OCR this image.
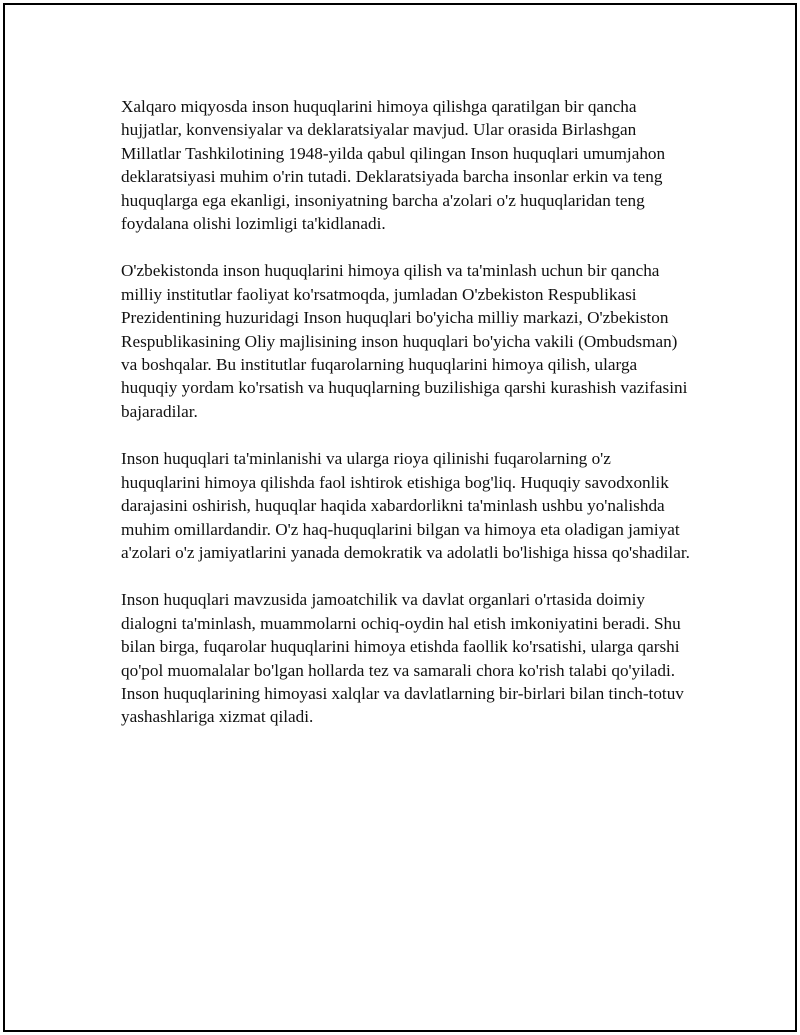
Xalqaro miqyosda inson huquqlarini himoya qilishga qaratilgan bir qancha hujjatlar, konvensiyalar va deklaratsiyalar mavjud. Ular orasida Birlashgan Millatlar Tashkilotining 1948-yilda qabul qilingan Inson huquqlari umumjahon deklaratsiyasi muhim o'rin tutadi. Deklaratsiyada barcha insonlar erkin va teng huquqlarga ega ekanligi, insoniyatning barcha a'zolari o'z huquqlaridan teng foydalana olishi lozimligi ta'kidlanadi.

O'zbekistonda inson huquqlarini himoya qilish va ta'minlash uchun bir qancha milliy institutlar faoliyat ko'rsatmoqda, jumladan O'zbekiston Respublikasi Prezidentining huzuridagi Inson huquqlari bo'yicha milliy markazi, O'zbekiston Respublikasining Oliy majlisining inson huquqlari bo'yicha vakili (Ombudsman) va boshqalar. Bu institutlar fuqarolarning huquqlarini himoya qilish, ularga huquqiy yordam ko'rsatish va huquqlarning buzilishiga qarshi kurashish vazifasini bajaradilar.

Inson huquqlari ta'minlanishi va ularga rioya qilinishi fuqarolarning o'z huquqlarini himoya qilishda faol ishtirok etishiga bog'liq. Huquqiy savodxonlik darajasini oshirish, huquqlar haqida xabardorlikni ta'minlash ushbu yo'nalishda muhim omillardandir. O'z haq-huquqlarini bilgan va himoya eta oladigan jamiyat a'zolari o'z jamiyatlarini yanada demokratik va adolatli bo'lishiga hissa qo'shadilar.

Inson huquqlari mavzusida jamoatchilik va davlat organlari o'rtasida doimiy dialogni ta'minlash, muammolarni ochiq-oydin hal etish imkoniyatini beradi. Shu bilan birga, fuqarolar huquqlarini himoya etishda faollik ko'rsatishi, ularga qarshi qo'pol muomalalar bo'lgan hollarda tez va samarali chora ko'rish talabi qo'yiladi. Inson huquqlarining himoyasi xalqlar va davlatlarning bir-birlari bilan tinch-totuv yashashlariga xizmat qiladi.
